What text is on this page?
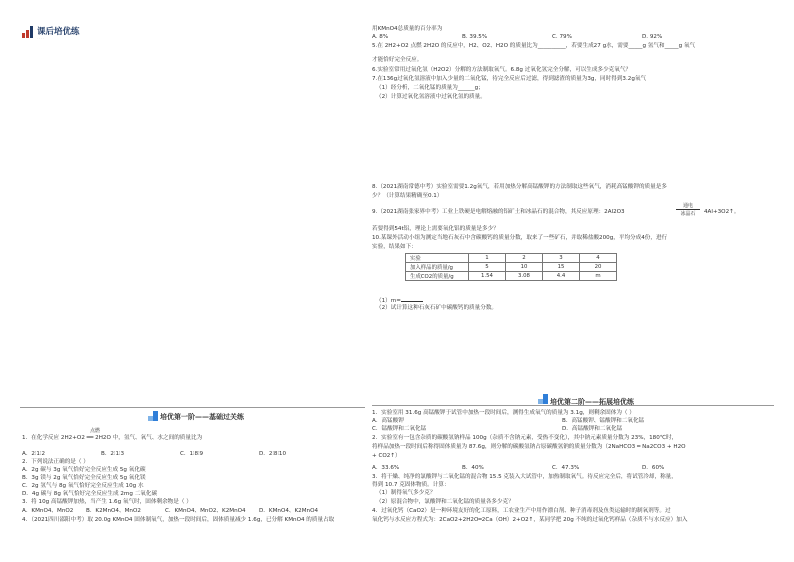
课后培优练
· · · ·
用KMnO4总质量的百分率为
A. 8%	B. 39.5%	C. 79%	D. 92%
5.在 2H2+O2 点燃 2H2O 的反应中，H2、O2、H2O 的质量比为__________，若要生成27 g水，需要_____g 氢气和_____g 氧气
才能恰好完全反应。
6.实验室常用过氧化氢（H2O2）分解的方法制取氧气。6.8g 过氧化氢完全分解，可以生成多少克氧气？
7.在136g过氧化氢溶液中加入少量的二氧化锰，待完全反应后过滤，得到滤渣的质量为3g，同时得到3.2g氧气
（1）经分析，二氧化锰的质量为______g；
（2）计算过氧化氢溶液中过氧化氢的质量。
8.（2021湖南常德中考）实验室需要1.2g氧气，若用加热分解高锰酸钾的方法制取这些氧气，消耗高锰酸钾的质量是多
少？（计算结果精确至0.1）
9.（2021湖南张家界中考）工业上铁硬是电解熔融的铝矿土和冰晶石的混合物，其反应原理：2Al2O3
通电
冰晶石	4Al+3O2↑。
若要得到54t铝，理论上需要氧化铝的质量是多少？
10.某课外活动小组为测定当地石灰石中含碳酸钙的质量分数，取来了一些矿石，并取稀盐酸200g，平均分成4份，进行
实验，结果如下：
实验	1	2	3	4
加入样品的质量/g	5	10	15	20
生成CO2的质量/g	1.54	3.08	4.4	m
（1）m=
（2）试计算这种石灰石矿中碳酸钙的质量分数。
培优第一阶——基础过关练
点燃
1．在化学反应 2H2+O2 ══ 2H2O 中，氢气、氧气、水之间的质量比为
A．2∶1∶2	B．2∶1∶3	C．1∶8∶9	D．2∶8∶10
2．下列说法正确的是（ ）
A．2g 碳与 3g 氧气恰好完全反应生成 5g 氧化碳
B．3g 镁与 2g 氧气恰好完全反应生成 5g 氧化镁
C．2g 氢气与 8g 氧气恰好完全反应生成 10g 水
D．4g 碳与 8g 氧气恰好完全反应生成 2mg 二氧化碳
3．将 10g 高锰酸钾加热，当产生 1.6g 氧气时，固体剩余物是（ ）
A．KMnO4、MnO2 B．K2MnO4、MnO2	C．KMnO4、MnO2、K2MnO4 D．KMnO4、K2MnO4
4．（2021四川邵阳中考）取 20.0g KMnO4 固体制氧气，加热一段时间后，固体质量减少 1.6g，已分解 KMnO4 的质量占取
培优第二阶——拓展培优练
1．实验室用 31.6g 高锰酸钾于试管中加热一段时间后，测得生成氧气的质量为 3.1g，则剩余固体为（ ）
A．高锰酸钾	B．高锰酸钾、锰酸钾和二氧化锰
C．锰酸钾和二氧化锰	D．高锰酸钾和二氧化锰
2．实验室有一包含杂质的碳酸氢钠样品 100g（杂质不含钠元素，受热不变化），其中钠元素质量分数为 23%，180℃时，
将样品加热一段时间后称得固体质量为 87.6g，则分解的碳酸氢钠占原碳酸氢钠的质量分数为（2NaHCO3 ═ Na2CO3 + H2O
+ CO2↑）
A．33.6%	B．40%	C．47.3%	D．60%
3．将干燥、纯净的氯酸钾与二氧化锰的混合物 15.5 克装入大试管中，加热制取氧气。待反应完全后，将试管冷却，称量，
得到 10.7 克固体物质。计算：
（1）制得氧气多少克？
（2）原混合物中，氯酸钾和二氧化锰的质量各多少克？
4．过氧化钙（CaO2）是一种环境友好的化工原料，工农业生产中用作漂白剂、种子消毒剂及鱼类运输时的制氧剂等。过
氧化钙与水反应方程式为：2CaO2+2H2O═2Ca（OH）2+O2↑，某同学把 20g 不纯的过氧化钙样品（杂质不与水反应）加入
